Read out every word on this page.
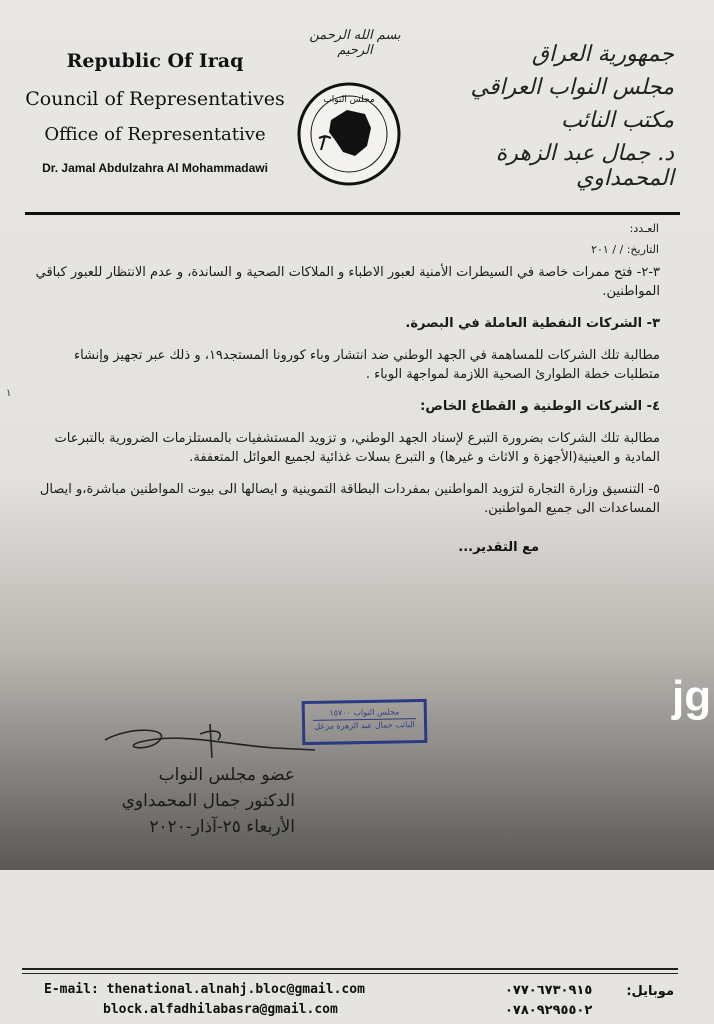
Republic Of Iraq
Council of Representatives
Office of Representative
Dr. Jamal Abdulzahra Al Mohammadawi
بسم الله الرحمن الرحيم
مجلس النواب
جمهورية العراق
مجلس النواب العراقي
مكتب النائب
د. جمال عبد الزهرة المحمداوي
العـدد:
التاريخ: / / ٢٠١
١

٣-٢- فتح ممرات خاصة في السيطرات الأمنية لعبور الاطباء و الملاكات الصحية و الساندة، و عدم الانتظار للعبور كباقي المواطنين.

٣- الشركات النفطية العاملة في البصرة.

مطالبة تلك الشركات للمساهمة في الجهد الوطني ضد انتشار وباء كورونا المستجد١٩، و ذلك عبر تجهيز وإنشاء متطلبات خطة الطوارئ الصحية اللازمة لمواجهة الوباء .

٤- الشركات الوطنية و القطاع الخاص:

مطالبة تلك الشركات بضرورة التبرع لإسناد الجهد الوطني، و تزويد المستشفيات بالمستلزمات الضرورية بالتبرعات المادية و العينية(الأجهزة و الاثاث و غيرها) و التبرع بسلات غذائية لجميع العوائل المتعففة.

٥- التنسيق وزارة التجارة لتزويد المواطنين بمفردات البطاقة التموينية و ايصالها الى بيوت المواطنين مباشرة،و ايصال المساعدات الى جميع المواطنين.

مع التقدير...
مجلس النواب ١٥٧٠٠
النائب جمال عبد الزهرة مزعل
عضو مجلس النواب
الدكتور جمال المحمداوي
الأربعاء ٢٥-آذار-٢٠٢٠
jg
E-mail: thenational.alnahj.bloc@gmail.com
block.alfadhilabasra@gmail.com
موبايل:
٠٧٧٠٦٧٣٠٩١٥
٠٧٨٠٩٢٩٥٥٠٢
